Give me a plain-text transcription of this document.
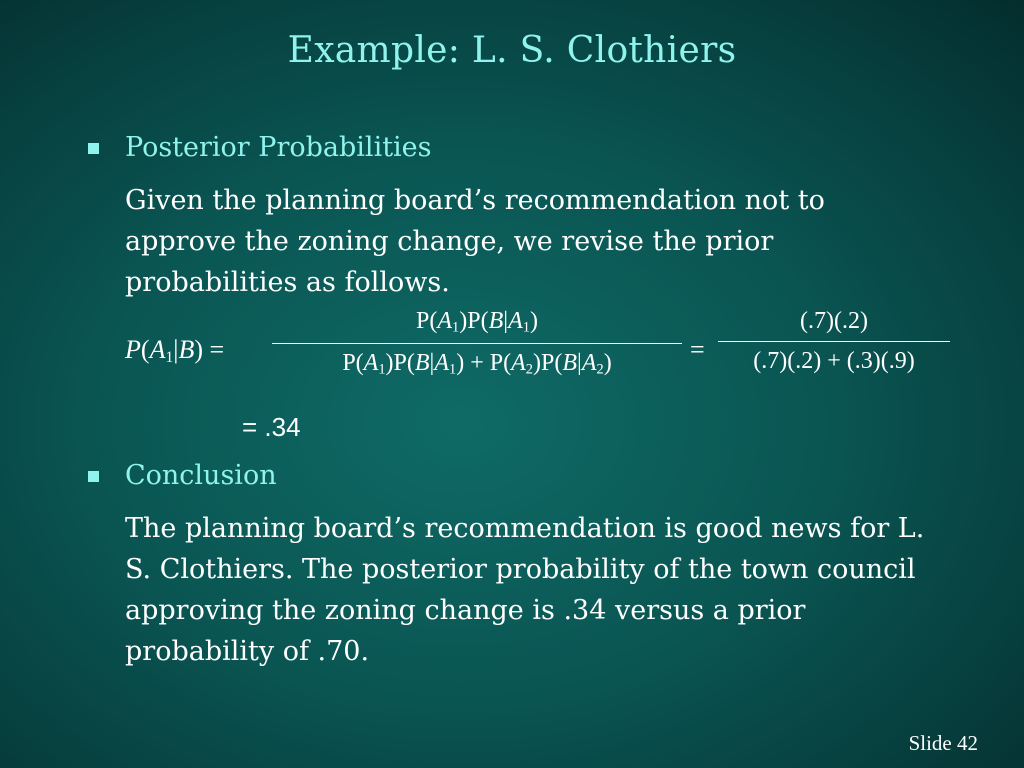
Example: L. S. Clothiers
Posterior Probabilities
Given the planning board’s recommendation not to approve the zoning change, we revise the prior probabilities as follows.
$P(A_1|B)$ =
$P(A_1)P(B|A_1)$
$P(A_1)P(B|A_1) + P(A_2)P(B|A_2)$	=
(.7)(.2)
(.7)(.2) + (.3)(.9)
= .34
Conclusion
The planning board’s recommendation is good news for L. S. Clothiers. The posterior probability of the town council approving the zoning change is .34 versus a prior probability of .70.
Slide 42
